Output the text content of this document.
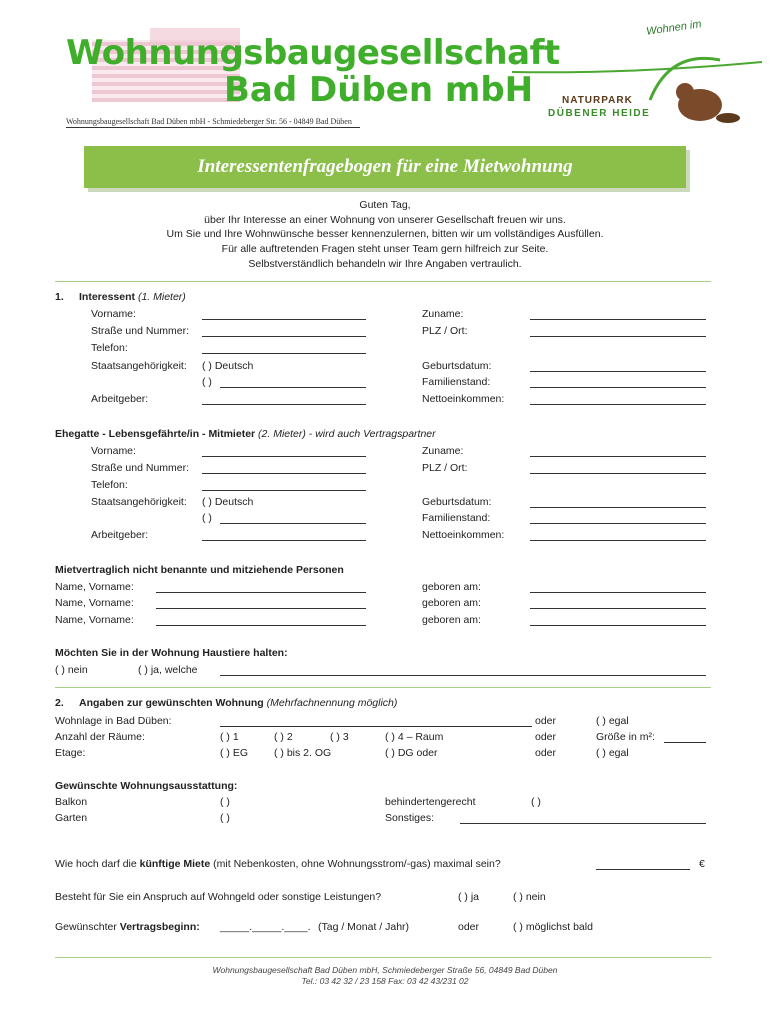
Wohnungsbaugesellschaft
Bad Düben mbH
Wohnungsbaugesellschaft Bad Düben mbH - Schmiedeberger Str. 56 - 04849 Bad Düben
Wohnen im
NATURPARK
DÜBENER HEIDE
Interessentenfragebogen für eine Mietwohnung
Guten Tag,
über Ihr Interesse an einer Wohnung von unserer Gesellschaft freuen wir uns.
Um Sie und Ihre Wohnwünsche besser kennenzulernen, bitten wir um vollständiges Ausfüllen.
Für alle auftretenden Fragen steht unser Team gern hilfreich zur Seite.
Selbstverständlich behandeln wir Ihre Angaben vertraulich.
1. Interessent (1. Mieter)
Vorname:	Zuname:
Straße und Nummer:	PLZ / Ort:
Telefon:
Staatsangehörigkeit: ( ) Deutsch	Geburtsdatum:
( )	Familienstand:
Arbeitgeber:	Nettoeinkommen:
Ehegatte - Lebensgefährte/in - Mitmieter (2. Mieter) - wird auch Vertragspartner
Vorname:	Zuname:
Straße und Nummer:	PLZ / Ort:
Telefon:
Staatsangehörigkeit: ( ) Deutsch	Geburtsdatum:
( )	Familienstand:
Arbeitgeber:	Nettoeinkommen:
Mietvertraglich nicht benannte und mitziehende Personen
Name, Vorname:	geboren am:
Name, Vorname:	geboren am:
Name, Vorname:	geboren am:
Möchten Sie in der Wohnung Haustiere halten:
( ) nein	( ) ja, welche
2. Angaben zur gewünschten Wohnung (Mehrfachnennung möglich)
Wohnlage in Bad Düben:	oder	( ) egal
Anzahl der Räume:	( ) 1	( ) 2	( ) 3	( ) 4 – Raum	oder	Größe in m²:
Etage:	( ) EG ( ) bis 2. OG	( ) DG oder	oder	( ) egal
Gewünschte Wohnungsausstattung:
Balkon	( )	behindertengerecht	( )
Garten	( )	Sonstiges:
Wie hoch darf die künftige Miete (mit Nebenkosten, ohne Wohnungsstrom/-gas) maximal sein?	€
Besteht für Sie ein Anspruch auf Wohngeld oder sonstige Leistungen?	( ) ja	( ) nein
Gewünschter Vertragsbeginn: _____._____.____. (Tag / Monat / Jahr)	oder	( ) möglichst bald
Wohnungsbaugesellschaft Bad Düben mbH, Schmiedeberger Straße 56, 04849 Bad Düben
Tel.: 03 42 32 / 23 158 Fax: 03 42 43/231 02
